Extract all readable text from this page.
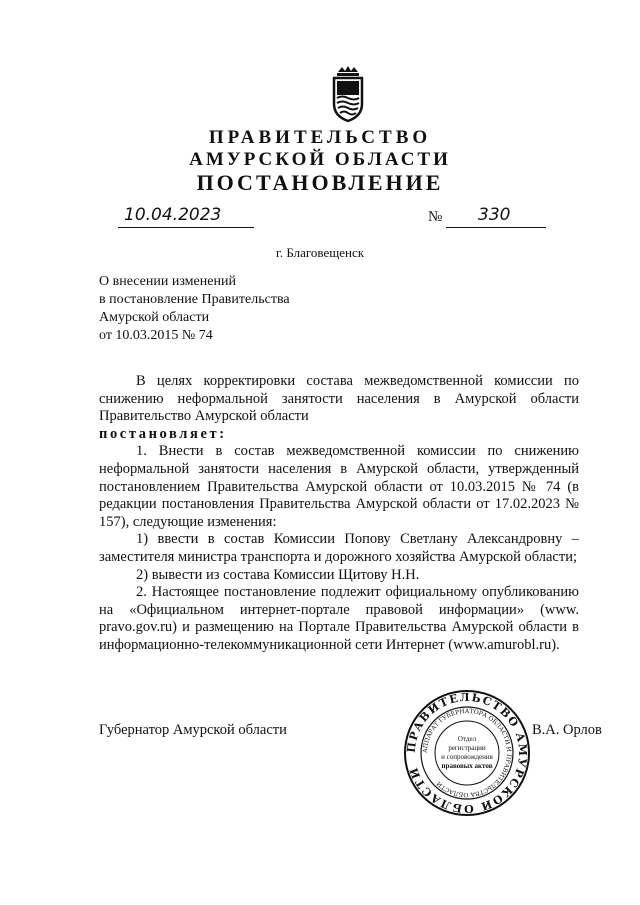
ПРАВИТЕЛЬСТВО
АМУРСКОЙ ОБЛАСТИ
ПОСТАНОВЛЕНИЕ
10.04.2023	№ 330
г. Благовещенск
О внесении изменений
в постановление Правительства
Амурской области
от 10.03.2015 № 74
В целях корректировки состава межведомственной комиссии по снижению неформальной занятости населения в Амурской области Правительство Амурской области
постановляет:
1. Внести в состав межведомственной комиссии по снижению неформальной занятости населения в Амурской области, утвержденный постановлением Правительства Амурской области от 10.03.2015 № 74 (в редакции постановления Правительства Амурской области от 17.02.2023 № 157), следующие изменения:
1) ввести в состав Комиссии Попову Светлану Александровну – заместителя министра транспорта и дорожного хозяйства Амурской области;
2) вывести из состава Комиссии Щитову Н.Н.
2. Настоящее постановление подлежит официальному опубликованию на «Официальном интернет-портале правовой информации» (www. pravo.gov.ru) и размещению на Портале Правительства Амурской области в информационно-телекоммуникационной сети Интернет (www.amurobl.ru).
Губернатор Амурской области	В.А. Орлов
ПРАВИТЕЛЬСТВО АМУРСКОЙ ОБЛАСТИ
АППАРАТ ГУБЕРНАТОРА ОБЛАСТИ И ПРАВИТЕЛЬСТВА ОБЛАСТИ
Отдел
регистрации
и сопровождения
правовых актов
